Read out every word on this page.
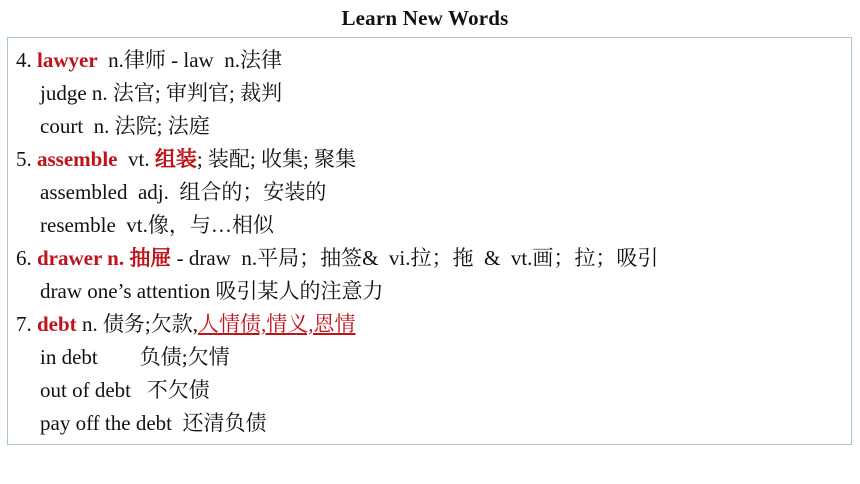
Learn New Words
4. lawyer  n.律师 - law  n.法律
judge n. 法官; 审判官; 裁判
court  n. 法院; 法庭
5. assemble  vt. 组装; 装配; 收集; 聚集
assembled  adj.  组合的；安装的
resemble  vt.像，与…相似
6. drawer n. 抽屉 - draw  n.平局；抽签&  vi.拉；拖  &  vt.画；拉；吸引
draw one’s attention 吸引某人的注意力
7. debt n. 债务;欠款,人情债,情义,恩情
in debt        负债;欠情
out of debt   不欠债
pay off the debt  还清负债
